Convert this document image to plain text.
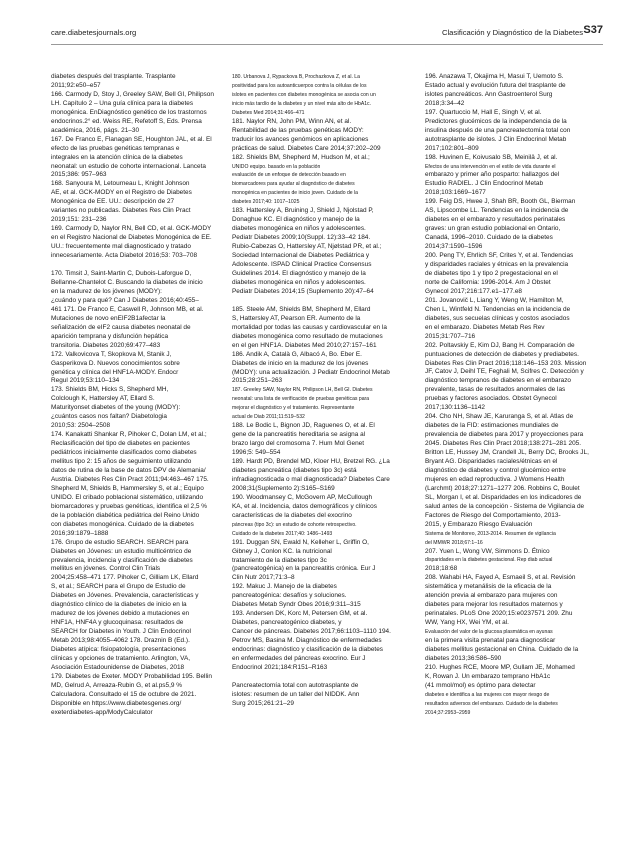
care.diabetesjournals.org	Clasificación y Diagnóstico de la Diabetes S37

diabetes después del trasplante. Trasplante

2011;92:e50–e57

166. Carmody D, Stoy J, Greeley SAW, Bell GI, Philipson

LH. Capítulo 2 – Una guía clínica para la diabetes

monogénica. EnDiagnóstico genético de los trastornos

endocrinos.2° ed. Weiss RE, Refetoff S, Eds. Prensa

académica, 2016, págs. 21–30

167. De Franco E, Flanagan SE, Houghton JAL, et al. El

efecto de las pruebas genéticas tempranas e

integrales en la atención clínica de la diabetes

neonatal: un estudio de cohorte internacional. Lanceta

2015;386: 957–963

168. Sanyoura M, Letourneau L, Knight Johnson

AE, et al. GCK-MODY en el Registro de Diabetes

Monogénica de EE. UU.: descripción de 27

variantes no publicadas. Diabetes Res Clin Pract

2019;151: 231–236

169. Carmody D, Naylor RN, Bell CD, et al. GCK-MODY

en el Registro Nacional de Diabetes Monogénica de EE.

UU.: frecuentemente mal diagnosticado y tratado

innecesariamente. Acta Diabetol 2016;53: 703–708

170. Timsit J, Saint-Martin C, Dubois-Laforgue D,

Bellanne-Chantelot C. Buscando la diabetes de inicio

en la madurez de los jóvenes (MODY):

¿cuándo y para qué? Can J Diabetes 2016;40:455–

461 171. De Franco E, Caswell R, Johnson MB, et al.

Mutaciones de novo enEIF2B1afectar la

señalización de eIF2 causa diabetes neonatal de

aparición temprana y disfunción hepática

transitoria. Diabetes 2020;69:477–483

172. Valkovicova T, Skopkova M, Stanik J,

Gasperikova D. Nuevos conocimientos sobre

genética y clínica del HNF1A-MODY. Endocr

Regul 2019;53:110–134

173. Shields BM, Hicks S, Shepherd MH,

Colclough K, Hattersley AT, Ellard S.

Maturityonset diabetes of the young (MODY):

¿cuántos casos nos faltan? Diabetologia

2010;53: 2504–2508

174. Kanakatti Shankar R, Pihoker C, Dolan LM, et al.;

Reclasificación del tipo de diabetes en pacientes

pediátricos inicialmente clasificados como diabetes

mellitus tipo 2: 15 años de seguimiento utilizando

datos de rutina de la base de datos DPV de Alemania/

Austria. Diabetes Res Clin Pract 2011;94:463–467 175.

Shepherd M, Shields B, Hammersley S, et al.; Equipo

UNIDO. El cribado poblacional sistemático, utilizando

biomarcadores y pruebas genéticas, identifica el 2,5 %

de la población diabética pediátrica del Reino Unido

con diabetes monogénica. Cuidado de la diabetes

2016;39:1879–1888

176. Grupo de estudio SEARCH. SEARCH para

Diabetes en Jóvenes: un estudio multicéntrico de

prevalencia, incidencia y clasificación de diabetes

mellitus en jóvenes. Control Clin Trials

2004;25:458–471 177. Pihoker C, Gilliam LK, Ellard

S, et al.; SEARCH para el Grupo de Estudio de

Diabetes en Jóvenes. Prevalencia, características y

diagnóstico clínico de la diabetes de inicio en la

madurez de los jóvenes debido a mutaciones en

HNF1A, HNF4A y glucoquinasa: resultados de

SEARCH for Diabetes in Youth. J Clin Endocrinol

Metab 2013;98:4055–4062 178. Draznin B (Ed.).

Diabetes atípica: fisiopatología, presentaciones

clínicas y opciones de tratamiento. Arlington, VA,

Asociación Estadounidense de Diabetes, 2018

179. Diabetes de Exeter. MODY Probabilidad 195. Bellin MD, Gelrud A, Arreaza-Rubin G, et al.ps5,9 %

Calculadora. Consultado el 15 de octubre de 2021.

Disponible en https://www.diabetesgenes.org/

exeterdiabetes-app/ModyCalculator

180. Urbanova J, Rypackova B, Prochazkova Z, et al. La

positividad para los autoanticuerpos contra la células de los

islotes en pacientes con diabetes monogénica se asocia con un

inicio más tardío de la diabetes y un nivel más alto de HbA1c.

Diabetes Med 2014;31:466–471

181. Naylor RN, John PM, Winn AN, et al.

Rentabilidad de las pruebas genéticas MODY:

traducir los avances genómicos en aplicaciones

prácticas de salud. Diabetes Care 2014;37:202–209

182. Shields BM, Shepherd M, Hudson M, et al.;

UNIDO equipo. basado en la población

evaluación de un enfoque de detección basado en

biomarcadores para ayudar al diagnóstico de diabetes

monogénica en pacientes de inicio joven. Cuidado de la

diabetes 2017;40: 1017–1025

183. Hattersley A, Bruining J, Shield J, Njolstad P,

Donaghue KC. El diagnóstico y manejo de la

diabetes monogénica en niños y adolescentes.

Pediatr Diabetes 2009;10(Suppl. 12):33–42 184.

Rubio-Cabezas O, Hattersley AT, Njølstad PR, et al.;

Sociedad Internacional de Diabetes Pediátrica y

Adolescente. ISPAD Clinical Practice Consensus

Guidelines 2014. El diagnóstico y manejo de la

diabetes monogénica en niños y adolescentes.

Pediatr Diabetes 2014;15 (Suplemento 20):47–64

185. Steele AM, Shields BM, Shepherd M, Ellard

S, Hattersley AT, Pearson ER. Aumento de la

mortalidad por todas las causas y cardiovascular en la

diabetes monogénica como resultado de mutaciones

en el gen HNF1A. Diabetes Med 2010;27:157–161

186. Andik A, Català G, Albacó A, Bo. Eber E.

Diabetes de inicio en la madurez de los jóvenes

(MODY): una actualización. J Pediatr Endocrinol Metab

2015;28:251–263

187. Greeley SAW, Naylor RN, Philipson LH, Bell GI. Diabetes

neonatal: una lista de verificación de pruebas genéticas para

mejorar el diagnóstico y el tratamiento. Representante

actual de Diab 2011;11:519–532

188. Le Bodic L, Bignon JD, Raguenes O, et al. El

gene de la pancreatitis hereditaria se asigna al

brazo largo del cromosoma 7. Hum Mol Genet

1996;5: 549–554

189. Hardt PD, Brendel MD, Kloer HU, Bretzel RG. ¿La

diabetes pancreática (diabetes tipo 3c) está

infradiagnosticada o mal diagnosticada? Diabetes Care

2008;31(Suplemento 2):S165–S169

190. Woodmansey C, McGovern AP, McCullough

KA, et al. Incidencia, datos demográficos y clínicos

características de la diabetes del exocrino

páncreas (tipo 3c): un estudio de cohorte retrospectivo.

Cuidado de la diabetes 2017;40: 1486–1493

191. Duggan SN, Ewald N, Kelleher L, Griffin O,

Gibney J, Conlon KC. la nutricional

tratamiento de la diabetes tipo 3c

(pancreatogénica) en la pancreatitis crónica. Eur J

Clin Nutr 2017;71:3–8

192. Makuc J. Manejo de la diabetes

pancreatogénica: desafíos y soluciones.

Diabetes Metab Syndr Obes 2016;9:311–315

193. Andersen DK, Korc M, Petersen GM, et al.

Diabetes, pancreatogénico diabetes, y

Cancer de páncreas. Diabetes 2017;66:1103–1110 194.

Petrov MS, Basina M. Diagnóstico de enfermedades

endocrinas: diagnóstico y clasificación de la diabetes

en enfermedades del páncreas exocrino. Eur J

Endocrinol 2021;184:R151–R163

Pancreatectomía total con autotrasplante de

islotes: resumen de un taller del NIDDK. Ann

Surg 2015;261:21–29

196. Anazawa T, Okajima H, Masui T, Uemoto S.

Estado actual y evolución futura del trasplante de

islotes pancreáticos. Ann Gastroenterol Surg

2018;3:34–42

197. Quartuccio M, Hall E, Singh V, et al.

Predictores glucémicos de la independencia de la

insulina después de una pancreatectomía total con

autotrasplante de islotes. J Clin Endocrinol Metab

2017;102:801–809

198. Huvinen E, Koivusalo SB, Meinilä J, et al.

Efectos de una intervención en el estilo de vida durante el

embarazo y primer año posparto: hallazgos del

Estudio RADIEL. J Clin Endocrinol Metab

2018;103:1669–1677

199. Feig DS, Hwee J, Shah BR, Booth GL, Bierman

AS, Lipscombe LL. Tendencias en la incidencia de

diabetes en el embarazo y resultados perinatales

graves: un gran estudio poblacional en Ontario,

Canadá, 1996–2010. Cuidado de la diabetes

2014;37:1590–1596

200. Peng TY, Ehrlich SF, Crites Y, et al. Tendencias

y disparidades raciales y étnicas en la prevalencia

de diabetes tipo 1 y tipo 2 pregestacional en el

norte de California: 1996-2014. Am J Obstet

Gynecol 2017;216:177.e1–177.e8

201. Jovanovič L, Liang Y, Weng W, Hamilton M,

Chen L, Wintfeld N. Tendencias en la incidencia de

diabetes, sus secuelas clínicas y costos asociados

en el embarazo. Diabetes Metab Res Rev

2015;31:707–716

202. Poltavskiy E, Kim DJ, Bang H. Comparación de

puntuaciones de detección de diabetes y prediabetes.

Diabetes Res Clin Pract 2016;118:146–153 203. Mission

JF, Catov J, Deihl TE, Feghali M, Scifres C. Detección y

diagnóstico tempranos de diabetes en el embarazo

prevalente, tasas de resultados anormales de las

pruebas y factores asociados. Obstet Gynecol

2017;130:1136–1142

204. Cho NH, Shaw JE, Karuranga S, et al. Atlas de

diabetes de la FID: estimaciones mundiales de

prevalencia de diabetes para 2017 y proyecciones para

2045. Diabetes Res Clin Pract 2018;138:271–281 205.

Britton LE, Hussey JM, Crandell JL, Berry DC, Brooks JL,

Bryant AG. Disparidades raciales/étnicas en el

diagnóstico de diabetes y control glucémico entre

mujeres en edad reproductiva. J Womens Health

(Larchmt) 2018;27:1271–1277 206. Robbins C, Boulet

SL, Morgan I, et al. Disparidades en los indicadores de

salud antes de la concepción - Sistema de Vigilancia de

Factores de Riesgo del Comportamiento, 2013-

2015, y Embarazo Riesgo Evaluación

Sistema de Monitoreo, 2013-2014. Resumen de vigilancia

del MMWR 2018;67:1–16

207. Yuen L, Wong VW, Simmons D. Étnico

disparidades en la diabetes gestacional. Rep diab actual

2018;18:68

208. Wahabi HA, Fayed A, Esmaeil S, et al. Revisión

sistemática y metanálisis de la eficacia de la

atención previa al embarazo para mujeres con

diabetes para mejorar los resultados maternos y

perinatales. PLoS One 2020;15:e0237571 209. Zhu

WW, Yang HX, Wei YM, et al.

Evaluación del valor de la glucosa plasmática en ayunas

en la primera visita prenatal para diagnosticar

diabetes mellitus gestacional en China. Cuidado de la

diabetes 2013;36:586–590

210. Hughes RCE, Moore MP, Gullam JE, Mohamed

K, Rowan J. Un embarazo temprano HbA1c

(41 mmol/mol) es óptimo para detectar

diabetes e identifica a las mujeres con mayor riesgo de

resultados adversos del embarazo. Cuidado de la diabetes

2014;37:2953–2959
